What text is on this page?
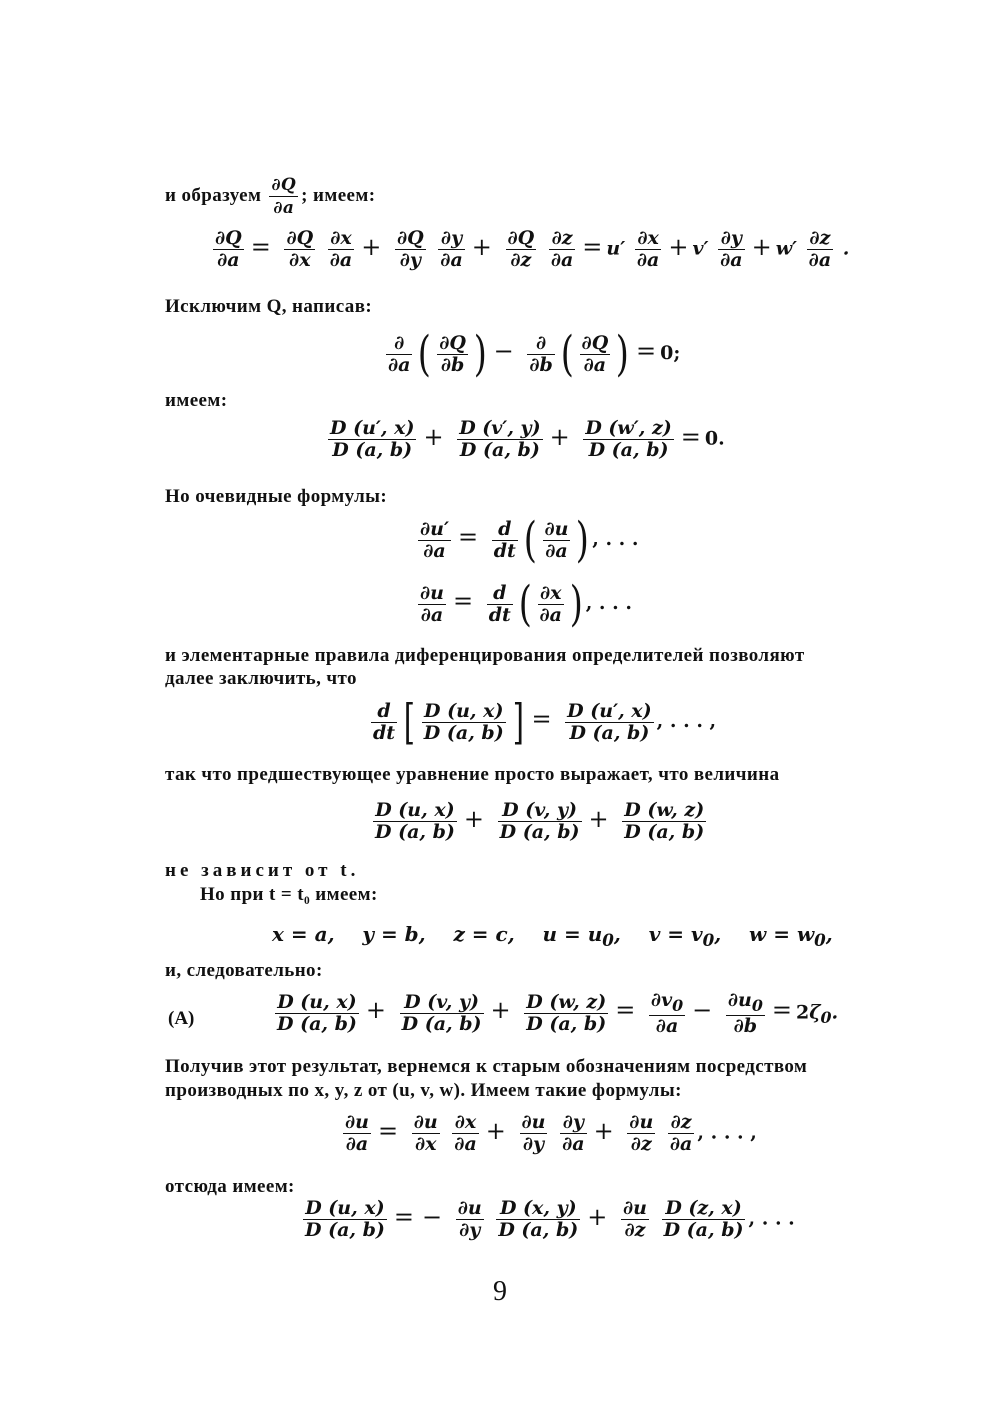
и образуем $\frac{\partial Q}{\partial a}$ ; имеем:
$\frac{\partial Q}{\partial a} = \frac{\partial Q}{\partial x}$
$\frac{\partial x}{\partial a} + \frac{\partial Q}{\partial y}$
$\frac{\partial y}{\partial a} + \frac{\partial Q}{\partial z}$
$\frac{\partial z}{\partial a} = u' \frac{\partial x}{\partial a} + v' \frac{\partial y}{\partial a} + w' \frac{\partial z}{\partial a}$ .
Исключим Q, написав:
$\frac{\partial}{\partial a}$ ( $\frac{\partial Q}{\partial b}$ ) − $\frac{\partial}{\partial b}$ ( $\frac{\partial Q}{\partial a}$ ) = 0;
имеем:
$\frac{D (u', x)}{D (a, b)} + \frac{D (v', y)}{D (a, b)} + \frac{D (w', z)}{D (a, b)} = 0$.
Но очевидные формулы:
$\frac{\partial u'}{\partial a} = \frac{d}{dt}$ ( $\frac{\partial u}{\partial a}$ ) , . . .
$\frac{\partial u}{\partial a} = \frac{d}{dt}$ ( $\frac{\partial x}{\partial a}$ ) , . . .
и элементарные правила диференцирования определителей позволяют
далее заключить, что
$\frac{d}{dt}$ [ $\frac{D (u, x)}{D (a, b)}$ ] = $\frac{D (u', x)}{D (a, b)}$ , . . . ,
так что предшествующее уравнение просто выражает, что величина
$\frac{D (u, x)}{D (a, b)} + \frac{D (v, y)}{D (a, b)} + \frac{D (w, z)}{D (a, b)}$
не зависит от t.
Но при t = t₀ имеем:
x = a,    y = b,    z = c,    $u = u_0$,    $v = v_0$,    $w = w_0$,
и, следовательно:
(A)	$\frac{D (u, x)}{D (a, b)} + \frac{D (v, y)}{D (a, b)} + \frac{D (w, z)}{D (a, b)} = \frac{\partial v_0}{\partial a} - \frac{\partial u_0}{\partial b} = 2\zeta_0$.
Получив этот результат, вернемся к старым обозначениям посредством
производных по x, y, z от (u, v, w). Имеем такие формулы:
$\frac{\partial u}{\partial a} = \frac{\partial u}{\partial x}$
$\frac{\partial x}{\partial a} + \frac{\partial u}{\partial y}$
$\frac{\partial y}{\partial a} + \frac{\partial u}{\partial z}$
$\frac{\partial z}{\partial a}$ , . . . ,
отсюда имеем:
$\frac{D (u, x)}{D (a, b)}$ = − $\frac{\partial u}{\partial y}$
$\frac{D (x, y)}{D (a, b)} + \frac{\partial u}{\partial z}$
$\frac{D (z, x)}{D (a, b)}$ , . . .
9
